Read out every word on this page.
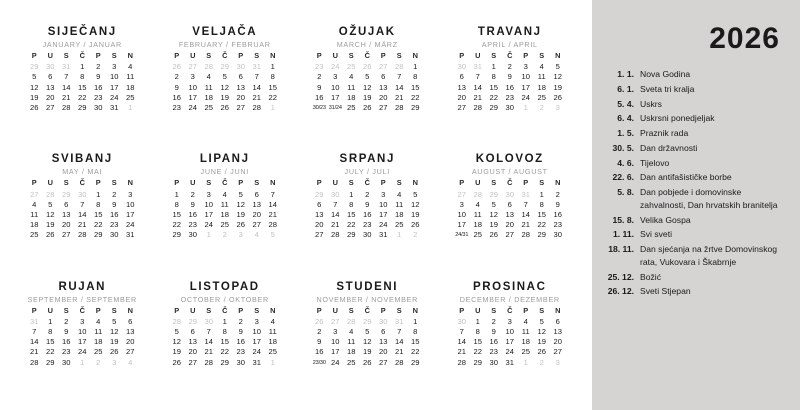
SIJEČANJ
JANUARY / JANUAR
P	U	S	Č	P	S	N
29	30	31	1	2	3	4
5	6	7	8	9	10	11
12	13	14	15	16	17	18
19	20	21	22	23	24	25
26	27	28	29	30	31	1
VELJAČA
FEBRUARY / FEBRUAR
P	U	S	Č	P	S	N
26	27	28	29	30	31	1
2	3	4	5	6	7	8
9	10	11	12	13	14	15
16	17	18	19	20	21	22
23	24	25	26	27	28	1
OŽUJAK
MARCH / MÄRZ
P	U	S	Č	P	S	N
23	24	25	26	27	28	1
2	3	4	5	6	7	8
9	10	11	12	13	14	15
16	17	18	19	20	21	22
30/23	31/24	25	26	27	28	29
TRAVANJ
APRIL / APRIL
P	U	S	Č	P	S	N
30	31	1	2	3	4	5
6	7	8	9	10	11	12
13	14	15	16	17	18	19
20	21	22	23	24	25	26
27	28	29	30	1	2	3
SVIBANJ
MAY / MAI
P	U	S	Č	P	S	N
27	28	29	30	1	2	3
4	5	6	7	8	9	10
11	12	13	14	15	16	17
18	19	20	21	22	23	24
25	26	27	28	29	30	31
LIPANJ
JUNE / JUNI
P	U	S	Č	P	S	N
1	2	3	4	5	6	7
8	9	10	11	12	13	14
15	16	17	18	19	20	21
22	23	24	25	26	27	28
29	30	1	2	3	4	5
SRPANJ
JULY / JULI
P	U	S	Č	P	S	N
29	30	1	2	3	4	5
6	7	8	9	10	11	12
13	14	15	16	17	18	19
20	21	22	23	24	25	26
27	28	29	30	31	1	2
KOLOVOZ
AUGUST / AUGUST
P	U	S	Č	P	S	N
27	28	29	30	31	1	2
3	4	5	6	7	8	9
10	11	12	13	14	15	16
17	18	19	20	21	22	23
24/31	25	26	27	28	29	30
RUJAN
SEPTEMBER / SEPTEMBER
P	U	S	Č	P	S	N
31	1	2	3	4	5	6
7	8	9	10	11	12	13
14	15	16	17	18	19	20
21	22	23	24	25	26	27
28	29	30	1	2	3	4
LISTOPAD
OCTOBER / OKTOBER
P	U	S	Č	P	S	N
28	29	30	1	2	3	4
5	6	7	8	9	10	11
12	13	14	15	16	17	18
19	20	21	22	23	24	25
26	27	28	29	30	31	1
STUDENI
NOVEMBER / NOVEMBER
P	U	S	Č	P	S	N
26	27	28	29	30	31	1
2	3	4	5	6	7	8
9	10	11	12	13	14	15
16	17	18	19	20	21	22
23/30	24	25	26	27	28	29
PROSINAC
DECEMBER / DEZEMBER
P	U	S	Č	P	S	N
30	1	2	3	4	5	6
7	8	9	10	11	12	13
14	15	16	17	18	19	20
21	22	23	24	25	26	27
28	29	30	31	1	2	3
2026
1. 1. Nova Godina
6. 1. Sveta tri kralja
5. 4. Uskrs
6. 4. Uskrsni ponedjeljak
1. 5. Praznik rada
30. 5. Dan državnosti
4. 6. Tijelovo
22. 6. Dan antifašističke borbe
5. 8. Dan pobjede i domovinske zahvalnosti, Dan hrvatskih branitelja
15. 8. Velika Gospa
1. 11. Svi sveti
18. 11. Dan sjećanja na žrtve Domovinskog rata, Vukovara i Škabrnje
25. 12. Božić
26. 12. Sveti Stjepan
